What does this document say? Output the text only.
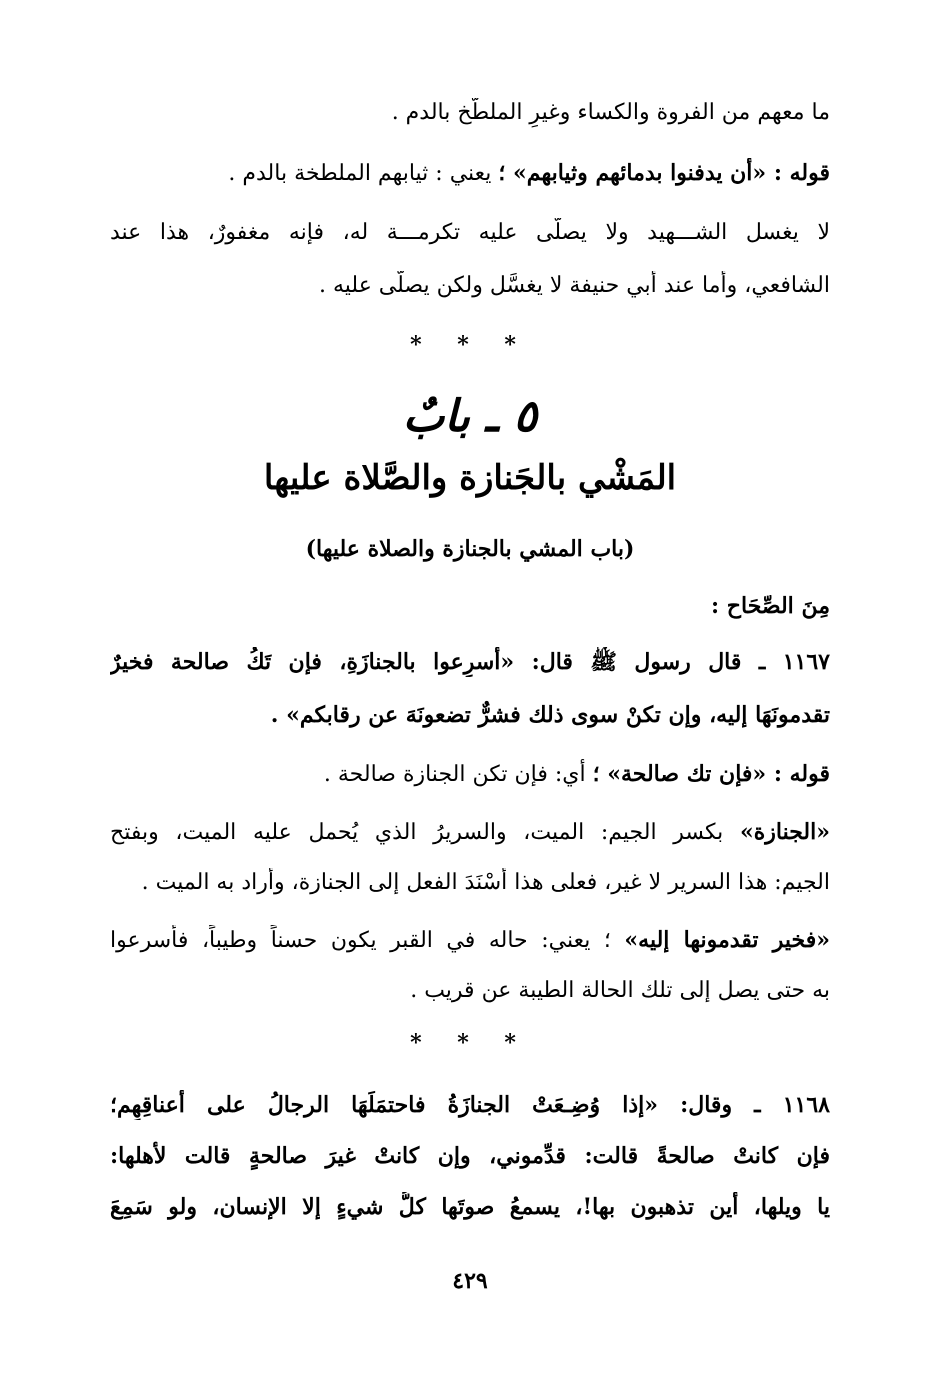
ما معهم من الفروة والكساء وغيرِ الملطَّخ بالدم .
قوله : «أن يدفنوا بدمائهم وثيابهم» ؛ يعني : ثيابهم الملطخة بالدم .
لا يغسل الشـــهيد ولا يصلَّى عليه تكرمـــة له، فإنه مغفورٌ، هذا عند
الشافعي، وأما عند أبي حنيفة لا يغسَّل ولكن يصلَّى عليه .
* * *
٥ ـ بابٌ
المَشْي بالجَنازة والصَّلاة عليها
(باب المشي بالجنازة والصلاة عليها)
مِنَ الصِّحَاح :
١١٦٧ ـ قال رسول ﷺ قال: «أَسرِعوا بالجنازَةِ، فإن تَكُ صالحة فخيرٌ
تقدمونَهَا إليه، وإن تكنْ سوى ذلك فشرٌّ تضعونَهَ عن رقابكم» .
قوله : «فإن تك صالحة» ؛ أي: فإن تكن الجنازة صالحة .
«الجنازة» بكسر الجيم: الميت، والسريرُ الذي يُحمل عليه الميت، وبفتح
الجيم: هذا السرير لا غير، فعلى هذا أَسْنَدَ الفعل إلى الجنازة، وأراد به الميت .
«فخير تقدمونها إليه» ؛ يعني: حاله في القبر يكون حسناً وطيباً، فأسرعوا
به حتى يصل إلى تلك الحالة الطيبة عن قريب .
* * *
١١٦٨ ـ وقال: «إذا وُضِـعَتْ الجنازَةُ فاحتمَلَهَا الرجالُ على أعناقِهِم؛
فإن كانتْ صالحةً قالت: قدِّموني، وإن كانتْ غيرَ صالحةٍ قالت لأهلها:
يا ويلها، أين تذهبون بها!، يسمعُ صوتَها كلُّ شيءٍ إلا الإنسان، ولو سَمِعَ
٤٢٩
